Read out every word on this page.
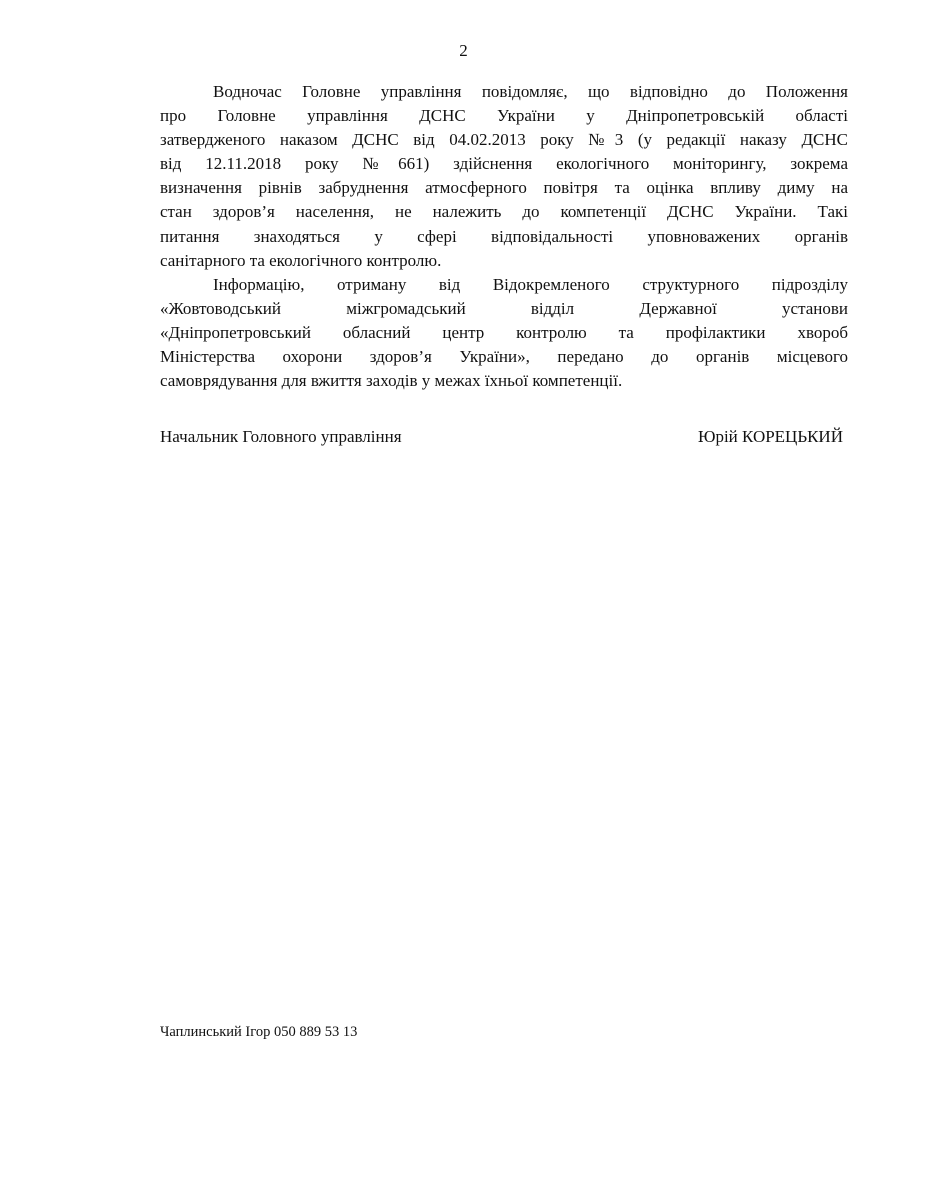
2
Водночас Головне управління повідомляє, що відповідно до Положення
про Головне управління ДСНС України у Дніпропетровській області
затвердженого наказом ДСНС від 04.02.2013 року №3 (у редакції наказу ДСНС
від 12.11.2018 року №661) здійснення екологічного моніторингу, зокрема
визначення рівнів забруднення атмосферного повітря та оцінка впливу диму на
стан здоров’я населення, не належить до компетенції ДСНС України. Такі
питання знаходяться у сфері відповідальності уповноважених органів
санітарного та екологічного контролю.
Інформацію, отриману від Відокремленого структурного підрозділу
«Жовтоводський міжгромадський відділ Державної установи
«Дніпропетровський обласний центр контролю та профілактики хвороб
Міністерства охорони здоров’я України», передано до органів місцевого
самоврядування для вжиття заходів у межах їхньої компетенції.
Начальник Головного управління	Юрій КОРЕЦЬКИЙ
Чаплинський Ігор 050 889 53 13
